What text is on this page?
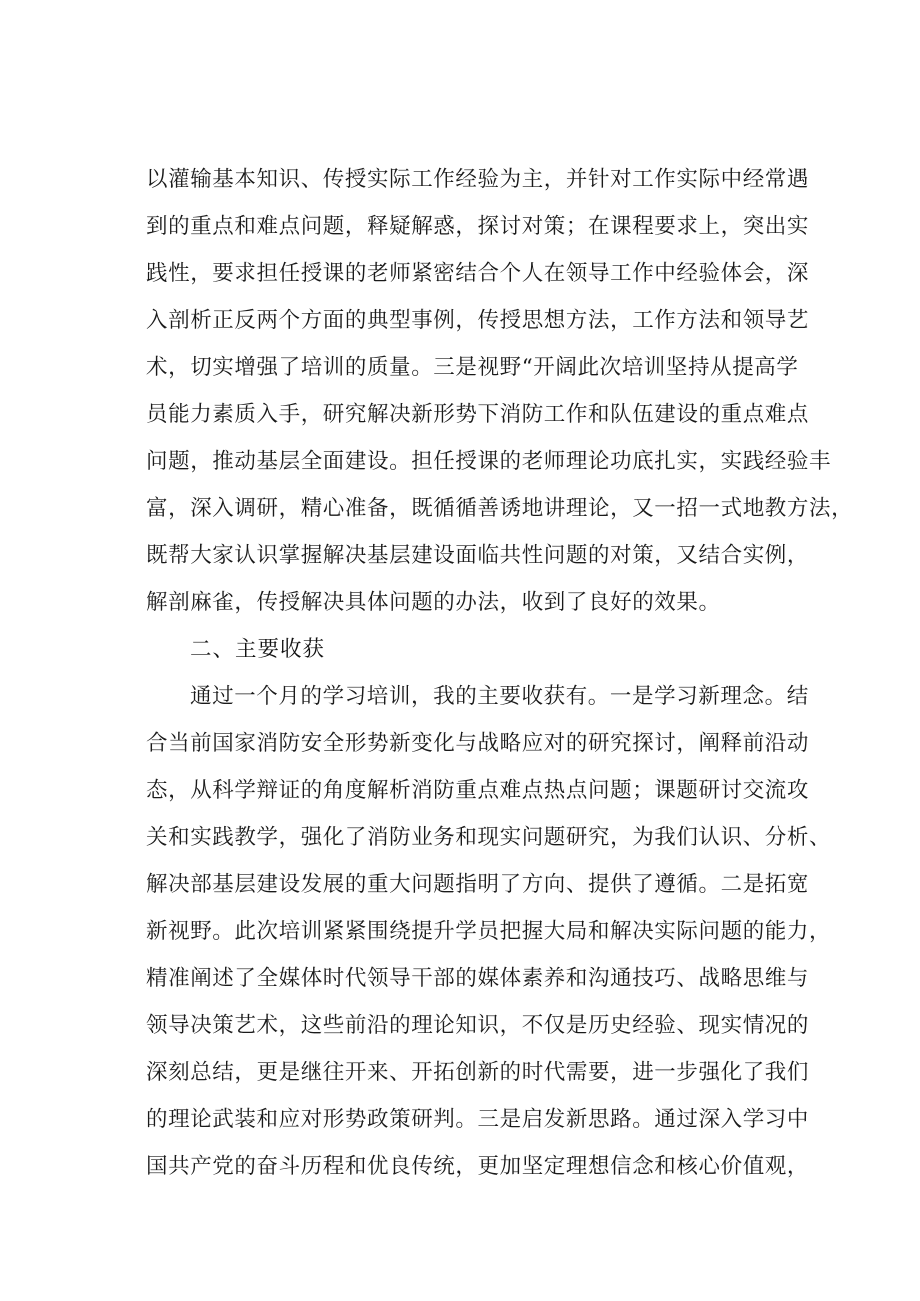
以灌输基本知识、传授实际工作经验为主，并针对工作实际中经常遇
到的重点和难点问题，释疑解惑，探讨对策；在课程要求上，突出实
践性，要求担任授课的老师紧密结合个人在领导工作中经验体会，深
入剖析正反两个方面的典型事例，传授思想方法，工作方法和领导艺
术，切实增强了培训的质量。三是视野“开阔此次培训坚持从提高学
员能力素质入手，研究解决新形势下消防工作和队伍建设的重点难点
问题，推动基层全面建设。担任授课的老师理论功底扎实，实践经验丰
富，深入调研，精心准备，既循循善诱地讲理论，又一招一式地教方法，
既帮大家认识掌握解决基层建设面临共性问题的对策，又结合实例，
解剖麻雀，传授解决具体问题的办法，收到了良好的效果。
二、主要收获
通过一个月的学习培训，我的主要收获有。一是学习新理念。结
合当前国家消防安全形势新变化与战略应对的研究探讨，阐释前沿动
态，从科学辩证的角度解析消防重点难点热点问题；课题研讨交流攻
关和实践教学，强化了消防业务和现实问题研究，为我们认识、分析、
解决部基层建设发展的重大问题指明了方向、提供了遵循。二是拓宽
新视野。此次培训紧紧围绕提升学员把握大局和解决实际问题的能力，
精准阐述了全媒体时代领导干部的媒体素养和沟通技巧、战略思维与
领导决策艺术，这些前沿的理论知识，不仅是历史经验、现实情况的
深刻总结，更是继往开来、开拓创新的时代需要，进一步强化了我们
的理论武装和应对形势政策研判。三是启发新思路。通过深入学习中
国共产党的奋斗历程和优良传统，更加坚定理想信念和核心价值观，
